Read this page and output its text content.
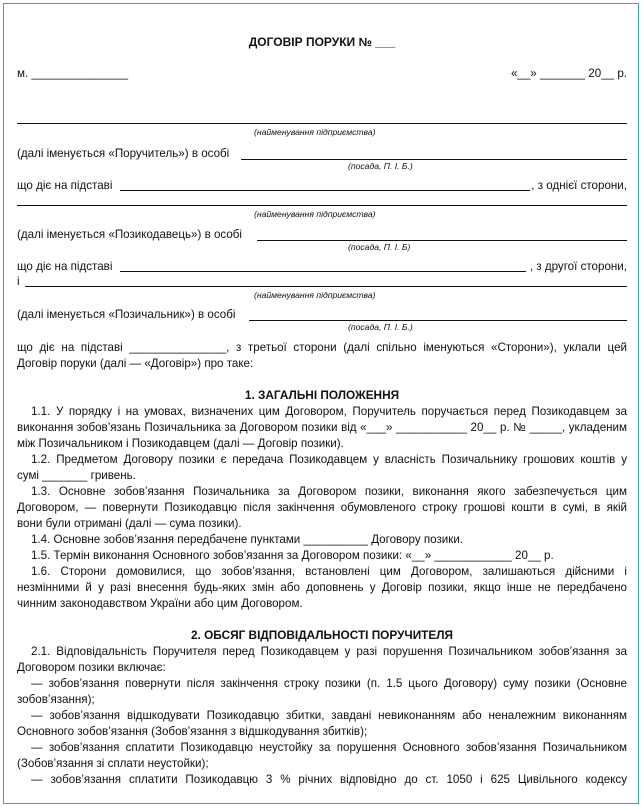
ДОГОВІР ПОРУКИ № ___
м. _______________	«__» _______ 20__ р.
(найменування підприємства)
(далі іменується «Поручитель») в особі
(посада, П. І. Б.)
що діє на підставі	, з однієї сторони,
(найменування підприємства)
(далі іменується «Позикодавець») в особі
(посада, П. І. Б)
що діє на підставі	, з другої сторони,
і
(найменування підприємства)
(далі іменується «Позичальник») в особі
(посада, П. І. Б.)
що діє на підставі _______________, з третьої сторони (далі спільно іменуються «Сторони»), уклали цей
Договір поруки (далі — «Договір») про таке:
1. ЗАГАЛЬНІ ПОЛОЖЕННЯ
1.1. У порядку і на умовах, визначених цим Договором, Поручитель поручається перед Позикодавцем за
виконання зобов’язань Позичальника за Договором позики від «___» ___________ 20__ р. № _____, укладеним
між Позичальником і Позикодавцем (далі — Договір позики).
1.2. Предметом Договору позики є передача Позикодавцем у власність Позичальнику грошових коштів у
сумі _______ гривень.
1.3. Основне зобов’язання Позичальника за Договором позики, виконання якого забезпечується цим
Договором, — повернути Позикодавцю після закінчення обумовленого строку грошові кошти в сумі, в якій
вони були отримані (далі — сума позики).
1.4. Основне зобов’язання передбачене пунктами __________ Договору позики.
1.5. Термін виконання Основного зобов’язання за Договором позики: «__» ____________ 20__ р.
1.6. Сторони домовилися, що зобов’язання, встановлені цим Договором, залишаються дійсними і
незмінними й у разі внесення будь-яких змін або доповнень у Договір позики, якщо інше не передбачено
чинним законодавством України або цим Договором.
2. ОБСЯГ ВІДПОВІДАЛЬНОСТІ ПОРУЧИТЕЛЯ
2.1. Відповідальність Поручителя перед Позикодавцем у разі порушення Позичальником зобов’язання за
Договором позики включає:
— зобов’язання повернути після закінчення строку позики (п. 1.5 цього Договору) суму позики (Основне
зобов’язання);
— зобов’язання відшкодувати Позикодавцю збитки, завдані невиконанням або неналежним виконанням
Основного зобов’язання (Зобов’язання з відшкодування збитків);
— зобов’язання сплатити Позикодавцю неустойку за порушення Основного зобов’язання Позичальником
(Зобов’язання зі сплати неустойки);
— зобов’язання сплатити Позикодавцю 3 % річних відповідно до ст. 1050 і 625 Цивільного кодексу
